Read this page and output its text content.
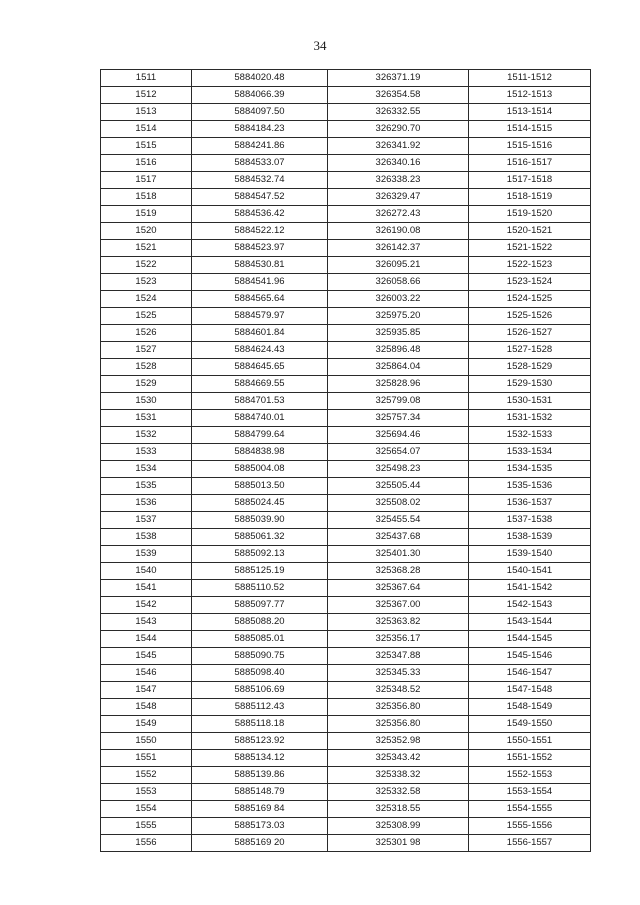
34
1511	5884020.48	326371.19	1511-1512
1512	5884066.39	326354.58	1512-1513
1513	5884097.50	326332.55	1513-1514
1514	5884184.23	326290.70	1514-1515
1515	5884241.86	326341.92	1515-1516
1516	5884533.07	326340.16	1516-1517
1517	5884532.74	326338.23	1517-1518
1518	5884547.52	326329.47	1518-1519
1519	5884536.42	326272.43	1519-1520
1520	5884522.12	326190.08	1520-1521
1521	5884523.97	326142.37	1521-1522
1522	5884530.81	326095.21	1522-1523
1523	5884541.96	326058.66	1523-1524
1524	5884565.64	326003.22	1524-1525
1525	5884579.97	325975.20	1525-1526
1526	5884601.84	325935.85	1526-1527
1527	5884624.43	325896.48	1527-1528
1528	5884645.65	325864.04	1528-1529
1529	5884669.55	325828.96	1529-1530
1530	5884701.53	325799.08	1530-1531
1531	5884740.01	325757.34	1531-1532
1532	5884799.64	325694.46	1532-1533
1533	5884838.98	325654.07	1533-1534
1534	5885004.08	325498.23	1534-1535
1535	5885013.50	325505.44	1535-1536
1536	5885024.45	325508.02	1536-1537
1537	5885039.90	325455.54	1537-1538
1538	5885061.32	325437.68	1538-1539
1539	5885092.13	325401.30	1539-1540
1540	5885125.19	325368.28	1540-1541
1541	5885110.52	325367.64	1541-1542
1542	5885097.77	325367.00	1542-1543
1543	5885088.20	325363.82	1543-1544
1544	5885085.01	325356.17	1544-1545
1545	5885090.75	325347.88	1545-1546
1546	5885098.40	325345.33	1546-1547
1547	5885106.69	325348.52	1547-1548
1548	5885112.43	325356.80	1548-1549
1549	5885118.18	325356.80	1549-1550
1550	5885123.92	325352.98	1550-1551
1551	5885134.12	325343.42	1551-1552
1552	5885139.86	325338.32	1552-1553
1553	5885148.79	325332.58	1553-1554
1554	5885169 84	325318.55	1554-1555
1555	5885173.03	325308.99	1555-1556
1556	5885169 20	325301 98	1556-1557
